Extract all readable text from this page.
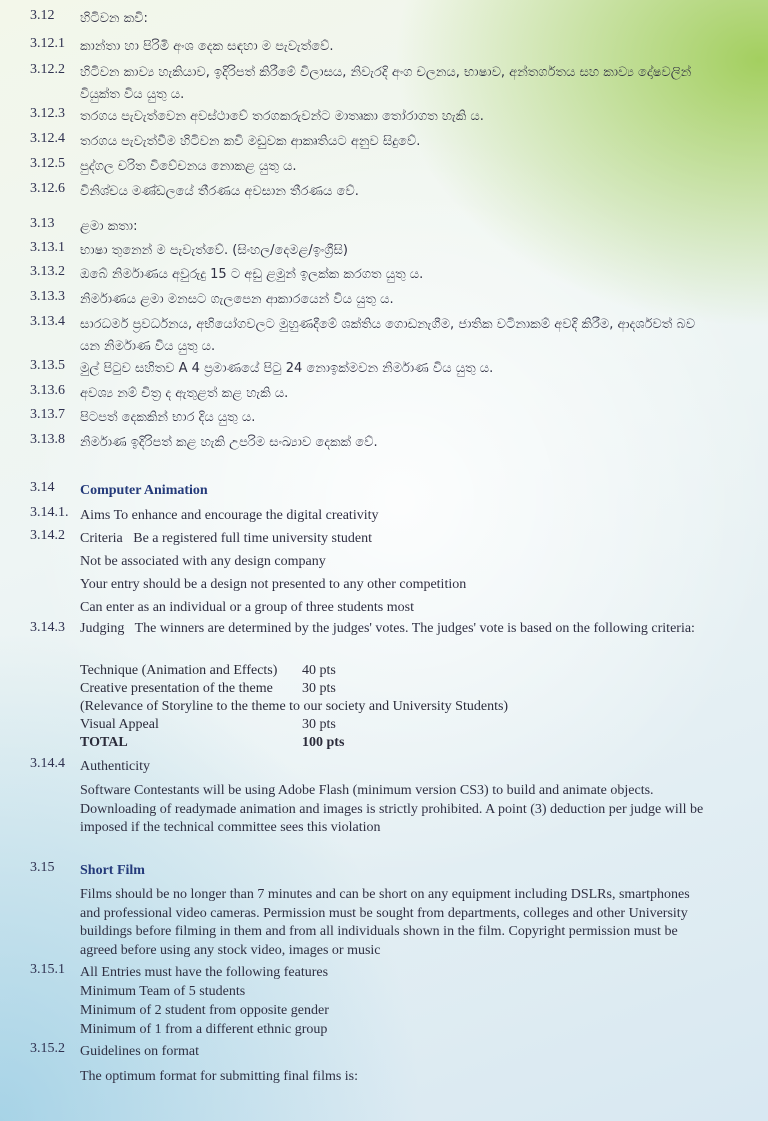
3.12 හිටිවන කවි:
3.12.1 කාන්තා හා පිරිමි අංශ දෙක සඳහා ම පැවැත්වේ.
3.12.2 හිටිවන කාව්‍ය හැකියාව, ඉදිරිපත් කිරීමේ විලාසය, නිවැරදි අංග චලනය, භාෂාව, අන්තර්ගතය සහ කාව්‍ය දෝෂවලින් වියුක්ත විය යුතු ය.
3.12.3 තරගය පැවැත්වෙන අවස්ථාවේ තරගකරුවන්ට මාතෘකා තෝරාගත හැකි ය.
3.12.4 තරගය පැවැත්වීම හිටිවන කවි මඩුවක ආකෘතියට අනුව සිදුවේ.
3.12.5 පුද්ගල චරිත විවේචනය නොකළ යුතු ය.
3.12.6 විනිශ්චය මණ්ඩලයේ තීරණය අවසාන තීරණය වේ.
3.13 ළමා කතා:
3.13.1 භාෂා තුනෙන් ම පැවැත්වේ. (සිංහල/දෙමළ/ඉංග්‍රීසි)
3.13.2 ඔබේ නිර්මාණය අවුරුදු 15 ට අඩු ළමුන් ඉලක්ක කරගත යුතු ය.
3.13.3 නිර්මාණය ළමා මනසට ගැලපෙන ආකාරයෙන් විය යුතු ය.
3.13.4 සාරධර්ම ප්‍රවර්ධනය, අභියෝගවලට මුහුණදීමේ ශක්තිය ගොඩනැගීම, ජාතික වටිනාකම් අවදි කිරීම, ආදර්ශවත් බව යන නිර්මාණ විය යුතු ය.
3.13.5 මුල් පිටුව සහිතව A 4 ප්‍රමාණයේ පිටු 24 නොඉක්මවන නිර්මාණ විය යුතු ය.
3.13.6 අවශ්‍ය නම් චිත්‍ර ද ඇතුළත් කළ හැකි ය.
3.13.7 පිටපත් දෙකකින් භාර දිය යුතු ය.
3.13.8 නිර්මාණ ඉදිරිපත් කළ හැකි උපරිම සංඛ්‍යාව දෙකක් වේ.
3.14 Computer Animation
3.14.1. Aims To enhance and encourage the digital creativity
3.14.2 Criteria   Be a registered full time university student
Not be associated with any design company
Your entry should be a design not presented to any other competition
Can enter as an individual or a group of three students most
3.14.3 Judging   The winners are determined by the judges' votes. The judges' vote is based on the following criteria:
Technique (Animation and Effects) 40 pts
Creative presentation of the theme 30 pts
(Relevance of Storyline to the theme to our society and University Students)
Visual Appeal	30 pts
TOTAL	100 pts
3.14.4 Authenticity
Software Contestants will be using Adobe Flash (minimum version CS3) to build and animate objects. Downloading of readymade animation and images is strictly prohibited. A point (3) deduction per judge will be imposed if the technical committee sees this violation
3.15 Short Film
Films should be no longer than 7 minutes and can be short on any equipment including DSLRs, smartphones and professional video cameras. Permission must be sought from departments, colleges and other University buildings before filming in them and from all individuals shown in the film. Copyright permission must be agreed before using any stock video, images or music
3.15.1 All Entries must have the following features
Minimum Team of 5 students
Minimum of 2 student from opposite gender
Minimum of 1 from a different ethnic group
3.15.2 Guidelines on format
The optimum format for submitting final films is:
